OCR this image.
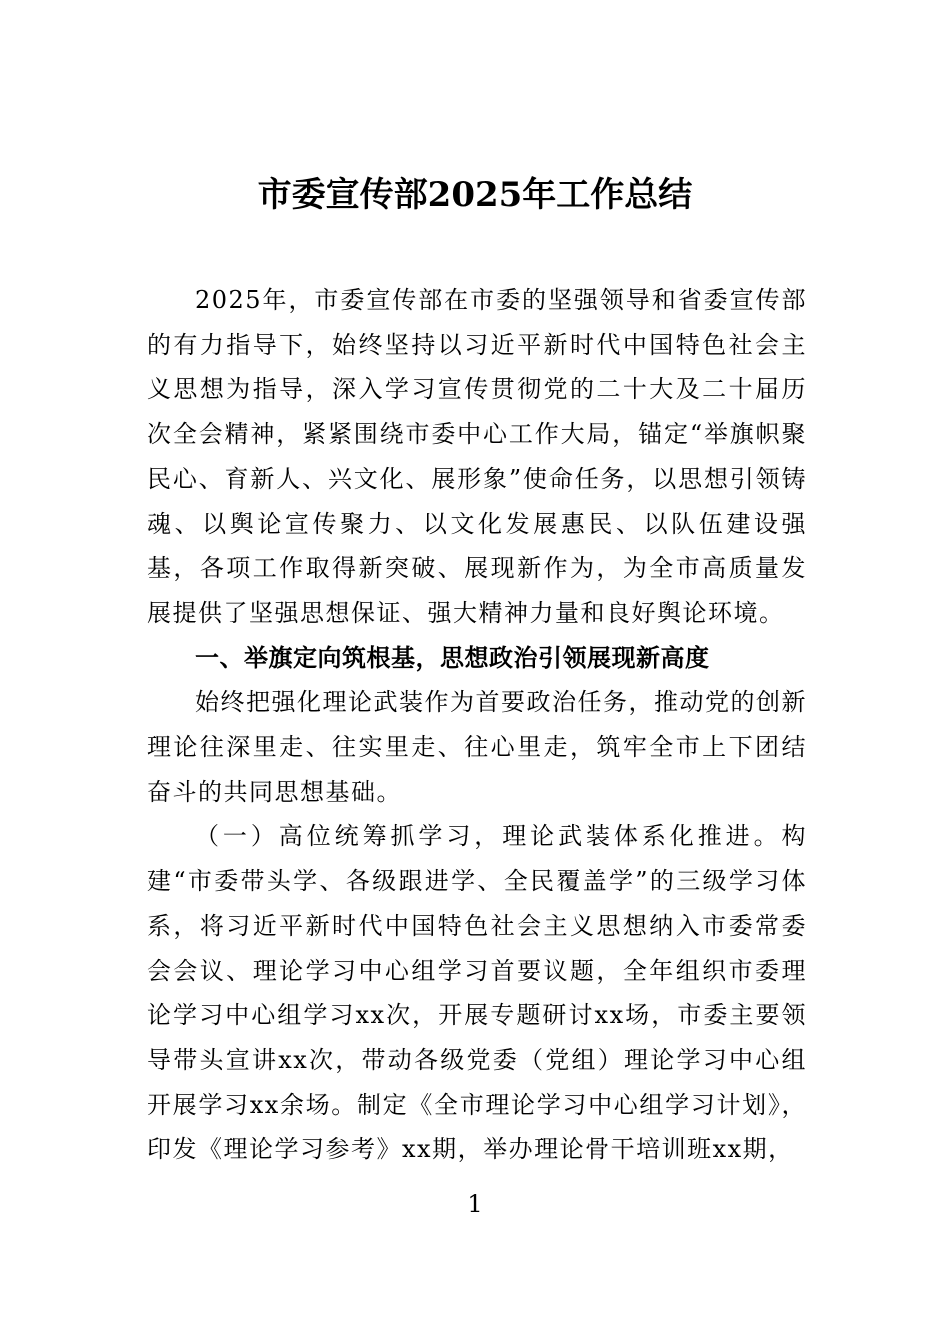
市委宣传部2025年工作总结

2025年，市委宣传部在市委的坚强领导和省委宣传部的有力指导下，始终坚持以习近平新时代中国特色社会主义思想为指导，深入学习宣传贯彻党的二十大及二十届历次全会精神，紧紧围绕市委中心工作大局，锚定“举旗帜聚民心、育新人、兴文化、展形象”使命任务，以思想引领铸魂、以舆论宣传聚力、以文化发展惠民、以队伍建设强基，各项工作取得新突破、展现新作为，为全市高质量发展提供了坚强思想保证、强大精神力量和良好舆论环境。

一、举旗定向筑根基，思想政治引领展现新高度

始终把强化理论武装作为首要政治任务，推动党的创新理论往深里走、往实里走、往心里走，筑牢全市上下团结奋斗的共同思想基础。

（一）高位统筹抓学习，理论武装体系化推进。构建“市委带头学、各级跟进学、全民覆盖学”的三级学习体系，将习近平新时代中国特色社会主义思想纳入市委常委会会议、理论学习中心组学习首要议题，全年组织市委理论学习中心组学习xx次，开展专题研讨xx场，市委主要领导带头宣讲xx次，带动各级党委（党组）理论学习中心组开展学习xx余场。制定《全市理论学习中心组学习计划》，印发《理论学习参考》xx期，举办理论骨干培训班xx期，

1
